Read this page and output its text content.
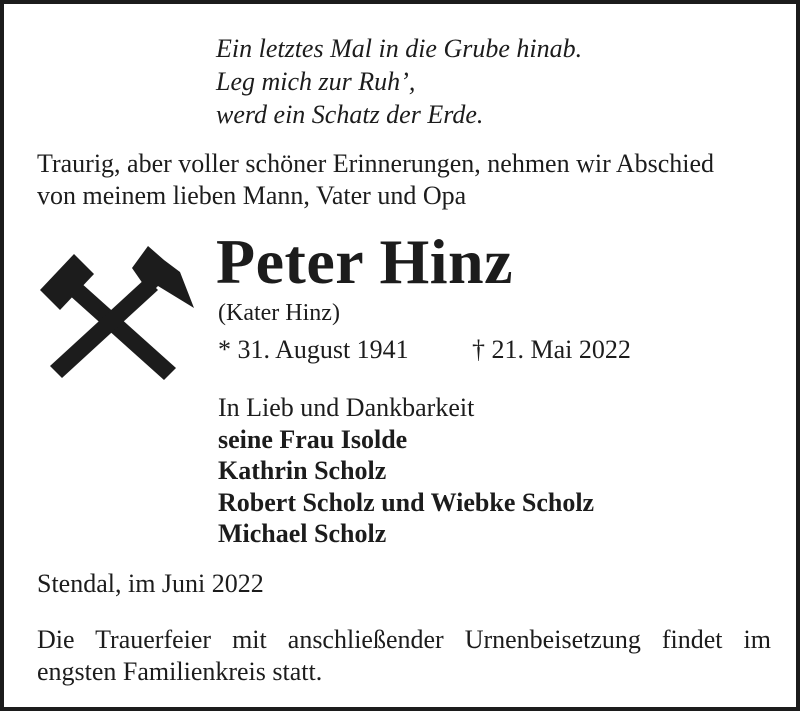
Ein letztes Mal in die Grube hinab.
Leg mich zur Ruh’,
werd ein Schatz der Erde.
Traurig, aber voller schöner Erinnerungen, nehmen wir Abschied
von meinem lieben Mann, Vater und Opa
Peter Hinz
(Kater Hinz)
* 31. August 1941 † 21. Mai 2022
In Lieb und Dankbarkeit
seine Frau Isolde
Kathrin Scholz
Robert Scholz und Wiebke Scholz
Michael Scholz
Stendal, im Juni 2022
Die Trauerfeier mit anschließender Urnenbeisetzung findet im
engsten Familienkreis statt.
